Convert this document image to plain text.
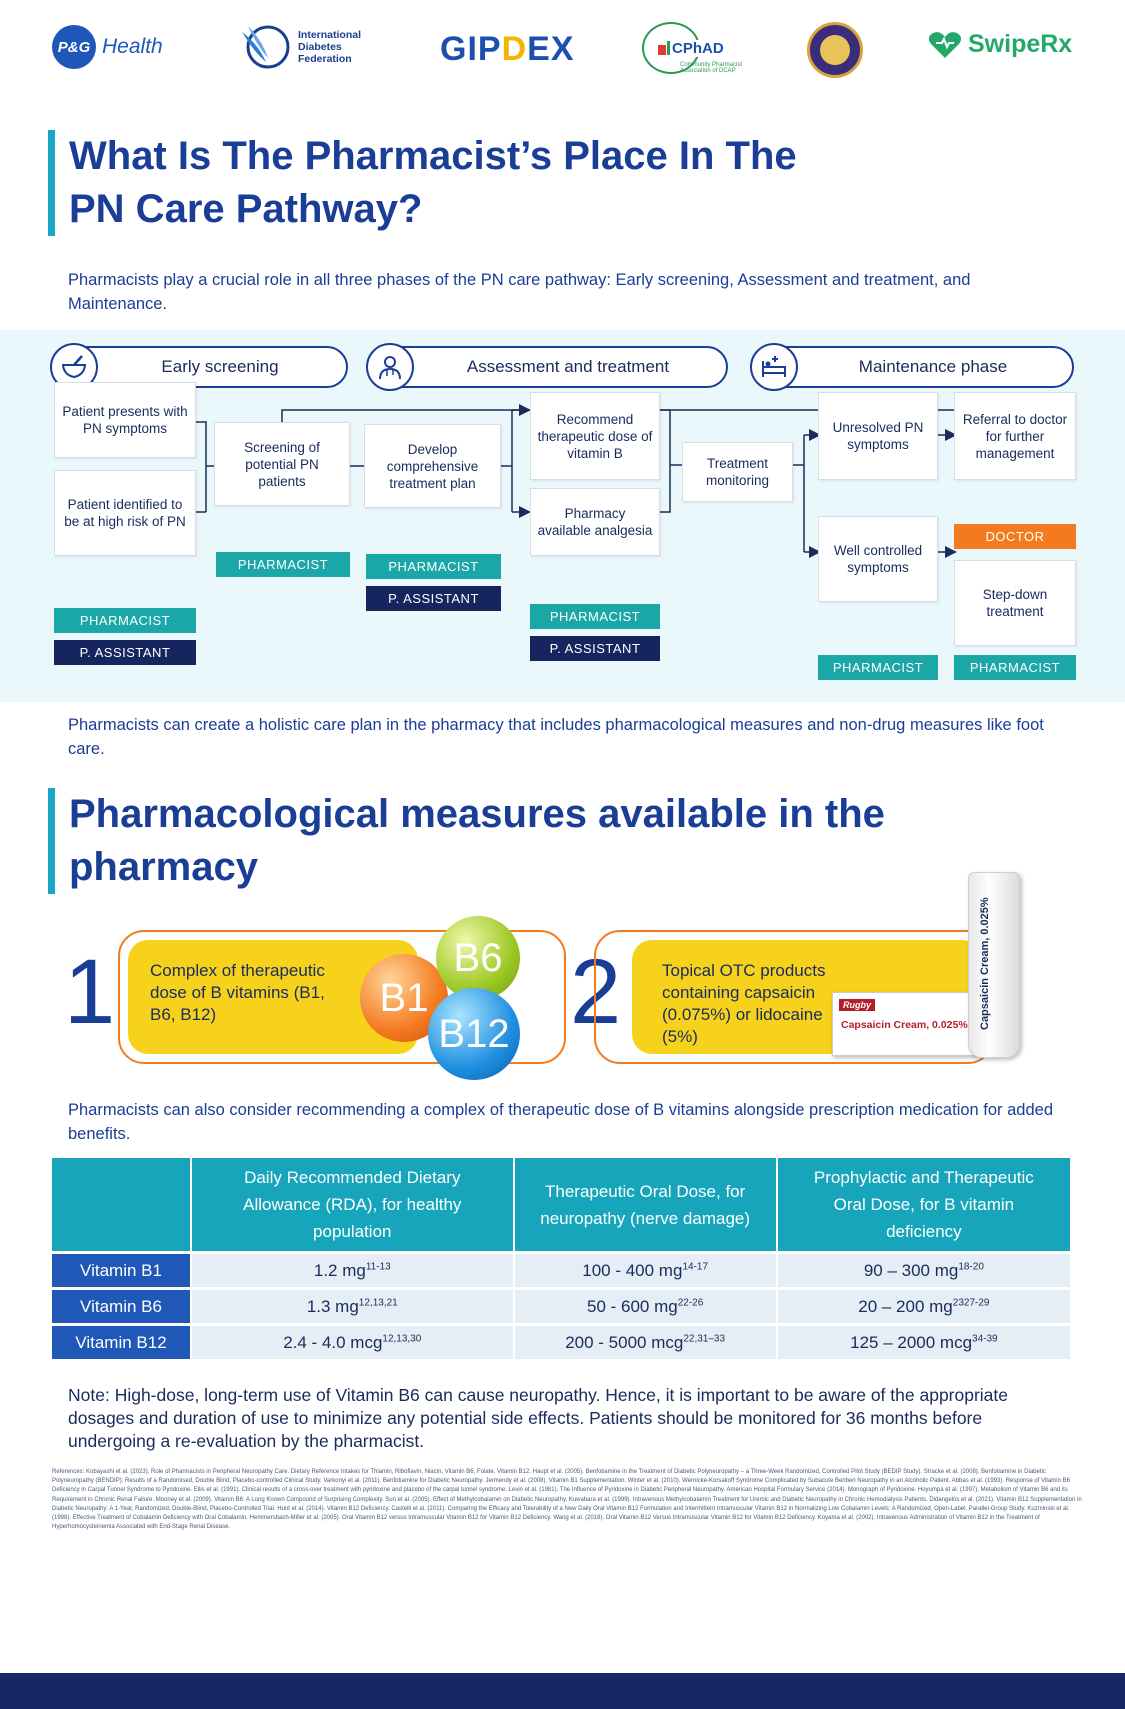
P&G Health	International
Diabetes
Federation	GIP D EX	CPhAD
Community Pharmacist Association of DCAP
SwipeRx
What Is The Pharmacist’s Place In The PN Care Pathway?

Pharmacists play a crucial role in all three phases of the PN care pathway: Early screening, Assessment and treatment, and Maintenance.

Early screening	Assessment and treatment	Maintenance phase
Patient presents with PN symptoms
Patient identified to be at high risk of PN
PHARMACIST
P. ASSISTANT
Screening of potential PN patients
PHARMACIST
Develop comprehensive treatment plan
PHARMACIST
P. ASSISTANT
Recommend therapeutic dose of vitamin B
Pharmacy available analgesia
PHARMACIST
P. ASSISTANT
Treatment monitoring
Unresolved PN symptoms
Well controlled symptoms
PHARMACIST
Referral to doctor for further management
DOCTOR
Step-down treatment
PHARMACIST

Pharmacists can create a holistic care plan in the pharmacy that includes pharmacological measures and non-drug measures like foot care.

Pharmacological measures available in the pharmacy
1 Complex of therapeutic dose of B vitamins (B1, B6, B12)	B1
B6
B12 2 Topical OTC products containing capsaicin (0.075%) or lidocaine (5%)
Rugby
Capsaicin Cream, 0.025% Capsaicin Cream, 0.025%

Pharmacists can also consider recommending a complex of therapeutic dose of B vitamins alongside prescription medication for added benefits.

	Daily Recommended Dietary Allowance (RDA), for healthy population	Therapeutic Oral Dose, for neuropathy (nerve damage)	Prophylactic and Therapeutic Oral Dose, for B vitamin deficiency
Vitamin B1	1.2 $mg^{11-13}$	100 - 400 $mg^{14-17}$	90 – 300 $mg^{18-20}$
Vitamin B6	1.3 mg$^{12,13,21}$	50 - 600 $mg^{22-26}$	20 – 200 $mg^{2327-29}$
Vitamin B12	2.4 - 4.0 mcg$^{12,13,30}$	200 - 5000 mcg$^{22,31-33}$	125 – 2000 mcg$^{34-39}$

Note: High-dose, long-term use of Vitamin B6 can cause neuropathy. Hence, it is important to be aware of the appropriate dosages and duration of use to minimize any potential side effects. Patients should be monitored for 36 months before undergoing a re-evaluation by the pharmacist.

References: Kobayashi et al. (2023). Role of Pharmacists in Peripheral Neuropathy Care. Dietary Reference Intakes for Thiamin, Riboflavin, Niacin, Vitamin B6, Folate, Vitamin B12. Haupt et al. (2005). Benfotiamine in the Treatment of Diabetic Polyneuropathy – a Three-Week Randomized, Controlled Pilot Study (BEDIP Study). Stracke et al. (2008). Benfotiamine in Diabetic Polyneuropathy (BENDIP): Results of a Randomised, Double Blind, Placebo-controlled Clinical Study. Varkonyi et al. (2011). Benfotiamine for Diabetic Neuropathy. Jermendy et al. (2008). Vitamin B1 Supplementation. Winter et al. (2010). Wernicke-Korsakoff Syndrome Complicated by Subacute Beriberi Neuropathy in an Alcoholic Patient. Abbas et al. (1993). Response of Vitamin B6 Deficiency in Carpal Tunnel Syndrome to Pyridoxine. Ellis et al. (1991). Clinical results of a cross-over treatment with pyridoxine and placebo of the carpal tunnel syndrome. Levin et al. (1981). The Influence of Pyridoxine in Diabetic Peripheral Neuropathy. American Hospital Formulary Service (2014). Monograph of Pyridoxine. Hoyumpa et al. (1997). Metabolism of Vitamin B6 and its Requirement in Chronic Renal Failure. Mooney et al. (2009). Vitamin B6: A Long Known Compound of Surprising Complexity. Sun et al. (2005). Effect of Methylcobalamin on Diabetic Neuropathy. Kuwabara et al. (1999). Intravenous Methylcobalamin Treatment for Uremic and Diabetic Neuropathy in Chronic Hemodialysis Patients. Didangelos et al. (2021). Vitamin B12 Supplementation in Diabetic Neuropathy: A 1-Year, Randomized, Double-Blind, Placebo-Controlled Trial. Hunt et al. (2014). Vitamin B12 Deficiency. Castelli et al. (2011). Comparing the Efficacy and Tolerability of a New Daily Oral Vitamin B12 Formulation and Intermittent Intramuscular Vitamin B12 in Normalizing Low Cobalamin Levels: A Randomized, Open-Label, Parallel-Group Study. Kuzminski et al. (1998). Effective Treatment of Cobalamin Deficiency with Oral Cobalamin. Hemmersbach-Miller et al. (2005). Oral Vitamin B12 versus Intramuscular Vitamin B12 for Vitamin B12 Deficiency. Wang et al. (2018). Oral Vitamin B12 Versus Intramuscular Vitamin B12 for Vitamin B12 Deficiency. Koyama et al. (2002). Intravenous Administration of Vitamin B12 in the Treatment of Hyperhomocysteinemia Associated with End-Stage Renal Disease.
